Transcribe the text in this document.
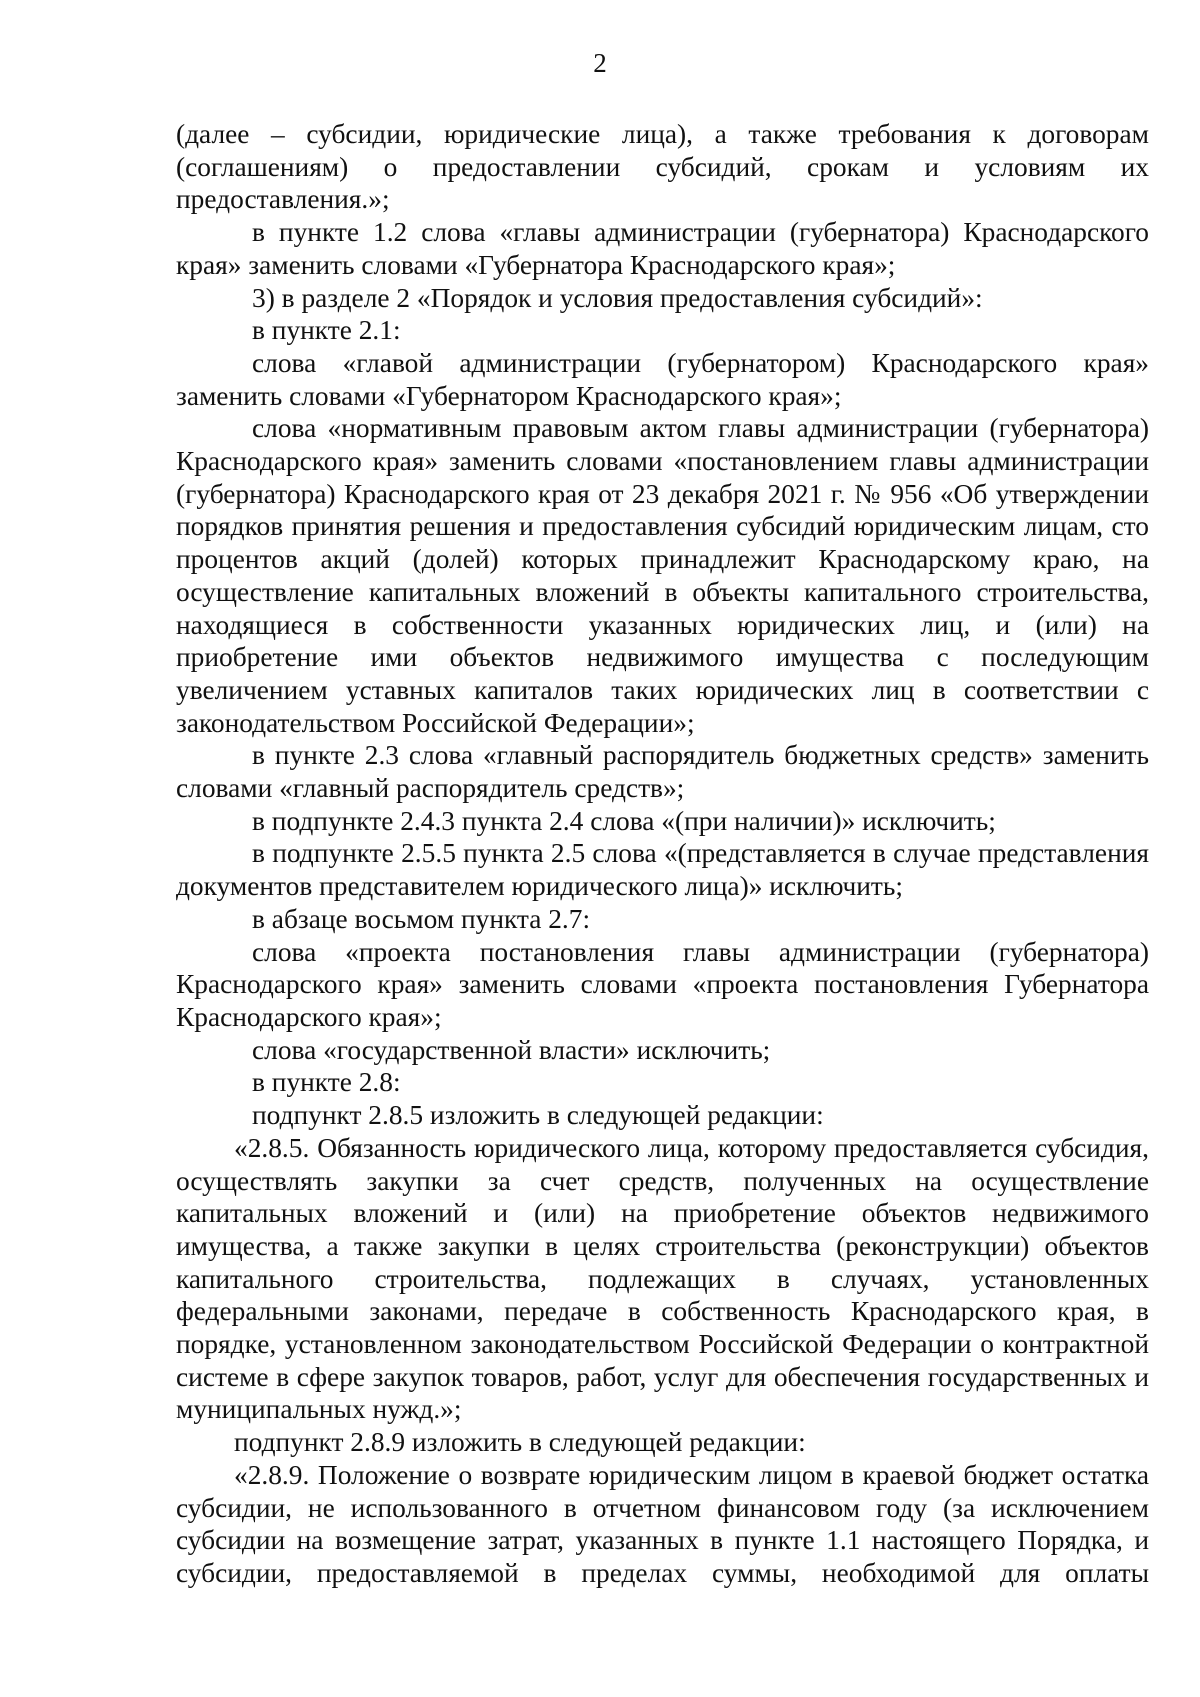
2

(далее – субсидии, юридические лица), а также требования к договорам (соглашениям) о предоставлении субсидий, срокам и условиям их предоставления.»;

в пункте 1.2 слова «главы администрации (губернатора) Краснодарского края» заменить словами «Губернатора Краснодарского края»;

3) в разделе 2 «Порядок и условия предоставления субсидий»:

в пункте 2.1:

слова «главой администрации (губернатором) Краснодарского края» заменить словами «Губернатором Краснодарского края»;

слова «нормативным правовым актом главы администрации (губернатора) Краснодарского края» заменить словами «постановлением главы администрации (губернатора) Краснодарского края от 23 декабря 2021 г. № 956 «Об утверждении порядков принятия решения и предоставления субсидий юридическим лицам, сто процентов акций (долей) которых принадлежит Краснодарскому краю, на осуществление капитальных вложений в объекты капитального строительства, находящиеся в собственности указанных юридических лиц, и (или) на приобретение ими объектов недвижимого имущества с последующим увеличением уставных капиталов таких юридических лиц в соответствии с законодательством Российской Федерации»;

в пункте 2.3 слова «главный распорядитель бюджетных средств» заменить словами «главный распорядитель средств»;

в подпункте 2.4.3 пункта 2.4 слова «(при наличии)» исключить;

в подпункте 2.5.5 пункта 2.5 слова «(представляется в случае представления документов представителем юридического лица)» исключить;

в абзаце восьмом пункта 2.7:

слова «проекта постановления главы администрации (губернатора) Краснодарского края» заменить словами «проекта постановления Губернатора Краснодарского края»;

слова «государственной власти» исключить;

в пункте 2.8:

подпункт 2.8.5 изложить в следующей редакции:

«2.8.5. Обязанность юридического лица, которому предоставляется субсидия, осуществлять закупки за счет средств, полученных на осуществление капитальных вложений и (или) на приобретение объектов недвижимого имущества, а также закупки в целях строительства (реконструкции) объектов капитального строительства, подлежащих в случаях, установленных федеральными законами, передаче в собственность Краснодарского края, в порядке, установленном законодательством Российской Федерации о контрактной системе в сфере закупок товаров, работ, услуг для обеспечения государственных и муниципальных нужд.»;

подпункт 2.8.9 изложить в следующей редакции:

«2.8.9. Положение о возврате юридическим лицом в краевой бюджет остатка субсидии, не использованного в отчетном финансовом году (за исключением субсидии на возмещение затрат, указанных в пункте 1.1 настоящего Порядка, и субсидии, предоставляемой в пределах суммы, необходимой для оплаты
